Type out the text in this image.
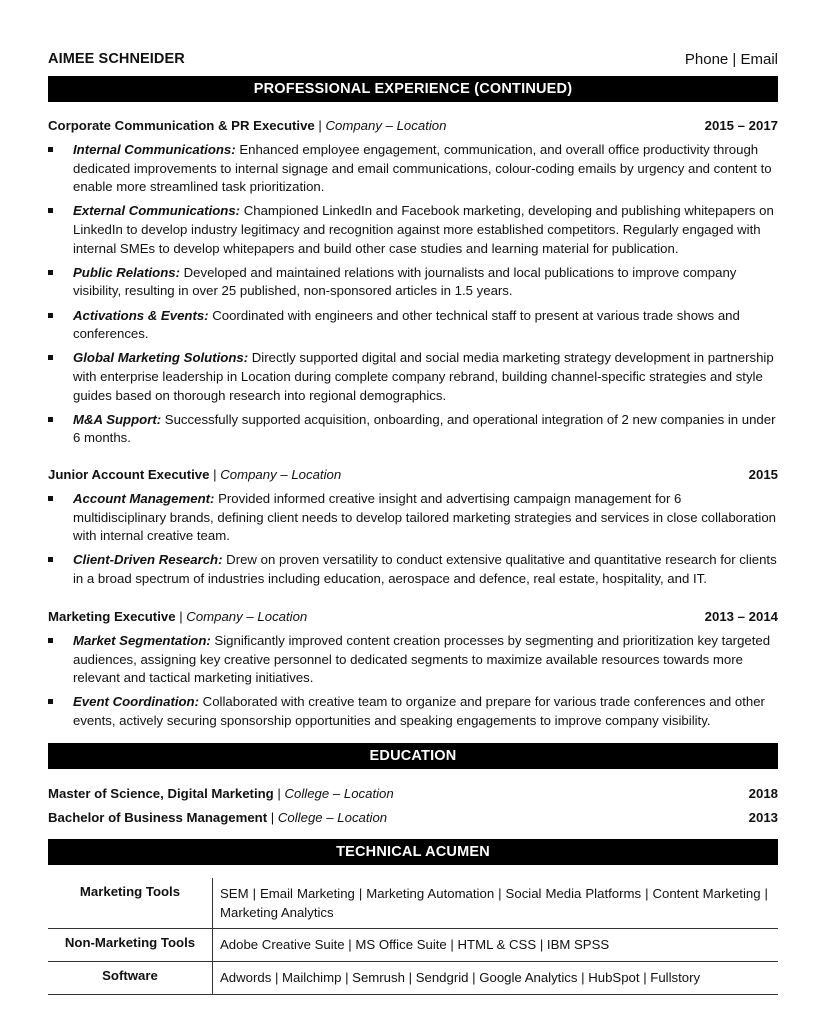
AIMEE SCHNEIDER	Phone | Email
PROFESSIONAL EXPERIENCE (CONTINUED)
Corporate Communication & PR Executive | Company – Location	2015 – 2017
Internal Communications: Enhanced employee engagement, communication, and overall office productivity through dedicated improvements to internal signage and email communications, colour-coding emails by urgency and content to enable more streamlined task prioritization.
External Communications: Championed LinkedIn and Facebook marketing, developing and publishing whitepapers on LinkedIn to develop industry legitimacy and recognition against more established competitors. Regularly engaged with internal SMEs to develop whitepapers and build other case studies and learning material for publication.
Public Relations: Developed and maintained relations with journalists and local publications to improve company visibility, resulting in over 25 published, non-sponsored articles in 1.5 years.
Activations & Events: Coordinated with engineers and other technical staff to present at various trade shows and conferences.
Global Marketing Solutions: Directly supported digital and social media marketing strategy development in partnership with enterprise leadership in Location during complete company rebrand, building channel-specific strategies and style guides based on thorough research into regional demographics.
M&A Support: Successfully supported acquisition, onboarding, and operational integration of 2 new companies in under 6 months.
Junior Account Executive | Company – Location	2015
Account Management: Provided informed creative insight and advertising campaign management for 6 multidisciplinary brands, defining client needs to develop tailored marketing strategies and services in close collaboration with internal creative team.
Client-Driven Research: Drew on proven versatility to conduct extensive qualitative and quantitative research for clients in a broad spectrum of industries including education, aerospace and defence, real estate, hospitality, and IT.
Marketing Executive | Company – Location	2013 – 2014
Market Segmentation: Significantly improved content creation processes by segmenting and prioritization key targeted audiences, assigning key creative personnel to dedicated segments to maximize available resources towards more relevant and tactical marketing initiatives.
Event Coordination: Collaborated with creative team to organize and prepare for various trade conferences and other events, actively securing sponsorship opportunities and speaking engagements to improve company visibility.
EDUCATION
Master of Science, Digital Marketing | College – Location	2018
Bachelor of Business Management | College – Location	2013
TECHNICAL ACUMEN
Marketing Tools	SEM | Email Marketing | Marketing Automation | Social Media Platforms | Content Marketing | Marketing Analytics
Non-Marketing Tools	Adobe Creative Suite | MS Office Suite | HTML & CSS | IBM SPSS
Software	Adwords | Mailchimp | Semrush | Sendgrid | Google Analytics | HubSpot | Fullstory
